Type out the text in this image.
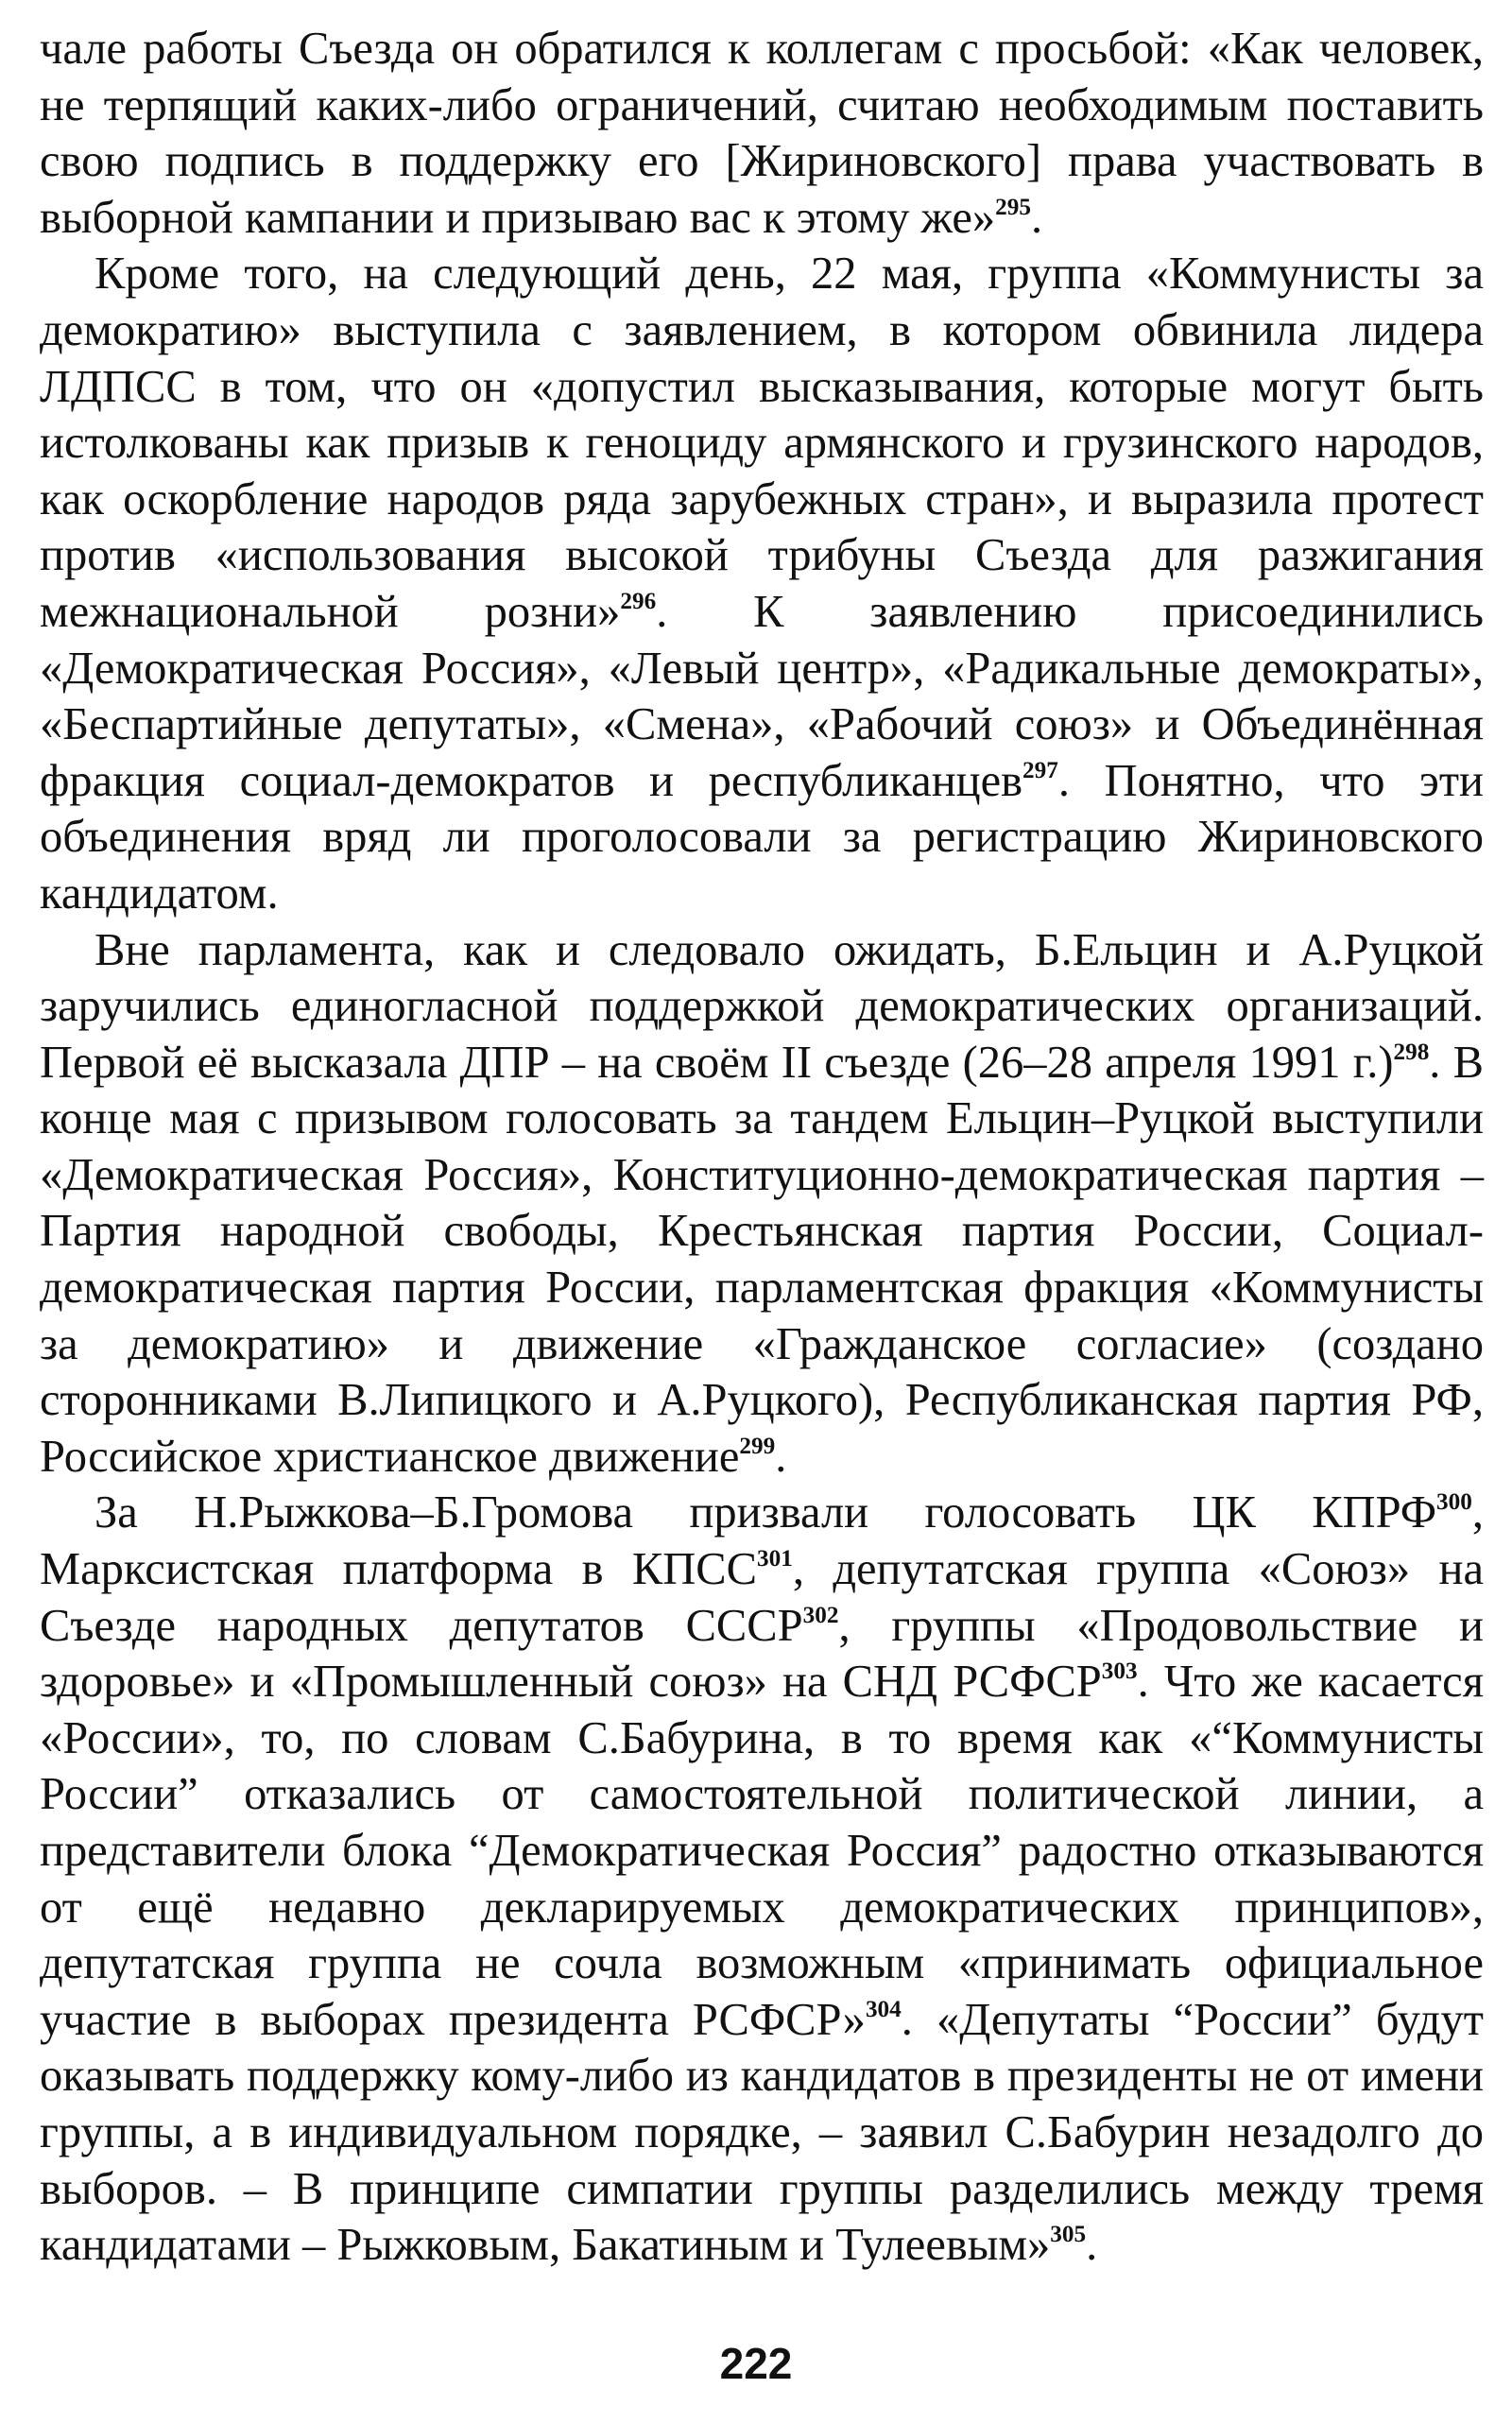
чале работы Съезда он обратился к коллегам с просьбой: «Как человек, не терпящий каких-либо ограничений, считаю необходимым поставить свою подпись в поддержку его [Жириновского] права участвовать в выборной кампании и призываю вас к этому же»$^{295}$.

Кроме того, на следующий день, 22 мая, группа «Коммунисты за демократию» выступила с заявлением, в котором обвинила лидера ЛДПСС в том, что он «допустил высказывания, которые могут быть истолкованы как призыв к геноциду армянского и грузинского народов, как оскорбление народов ряда зарубежных стран», и выразила протест против «использования высокой трибуны Съезда для разжигания межнациональной розни»$^{296}$. К заявлению присоединились «Демократическая Россия», «Левый центр», «Радикальные демократы», «Беспартийные депутаты», «Смена», «Рабочий союз» и Объединённая фракция социал-демократов и республиканцев$^{297}$. Понятно, что эти объединения вряд ли проголосовали за регистрацию Жириновского кандидатом.

Вне парламента, как и следовало ожидать, Б.Ельцин и А.Руцкой заручились единогласной поддержкой демократических организаций. Первой её высказала ДПР – на своём II съезде (26–28 апреля 1991 г.)$^{298}$. В конце мая с призывом голосовать за тандем Ельцин–Руцкой выступили «Демократическая Россия», Конституционно-демократическая партия – Партия народной свободы, Крестьянская партия России, Социал-демократическая партия России, парламентская фракция «Коммунисты за демократию» и движение «Гражданское согласие» (создано сторонниками В.Липицкого и А.Руцкого), Республиканская партия РФ, Российское христианское движение$^{299}$.

За Н.Рыжкова–Б.Громова призвали голосовать ЦК КПРФ$^{300}$, Марксистская платформа в КПСС$^{301}$, депутатская группа «Союз» на Съезде народных депутатов СССР$^{302}$, группы «Продовольствие и здоровье» и «Промышленный союз» на СНД РСФСР$^{303}$. Что же касается «России», то, по словам С.Бабурина, в то время как «“Коммунисты России” отказались от самостоятельной политической линии, а представители блока “Демократическая Россия” радостно отказываются от ещё недавно декларируемых демократических принципов», депутатская группа не сочла возможным «принимать официальное участие в выборах президента РСФСР»$^{304}$. «Депутаты “России” будут оказывать поддержку кому-либо из кандидатов в президенты не от имени группы, а в индивидуальном порядке, – заявил С.Бабурин незадолго до выборов. – В принципе симпатии группы разделились между тремя кандидатами – Рыжковым, Бакатиным и Тулеевым»$^{305}$.

222
